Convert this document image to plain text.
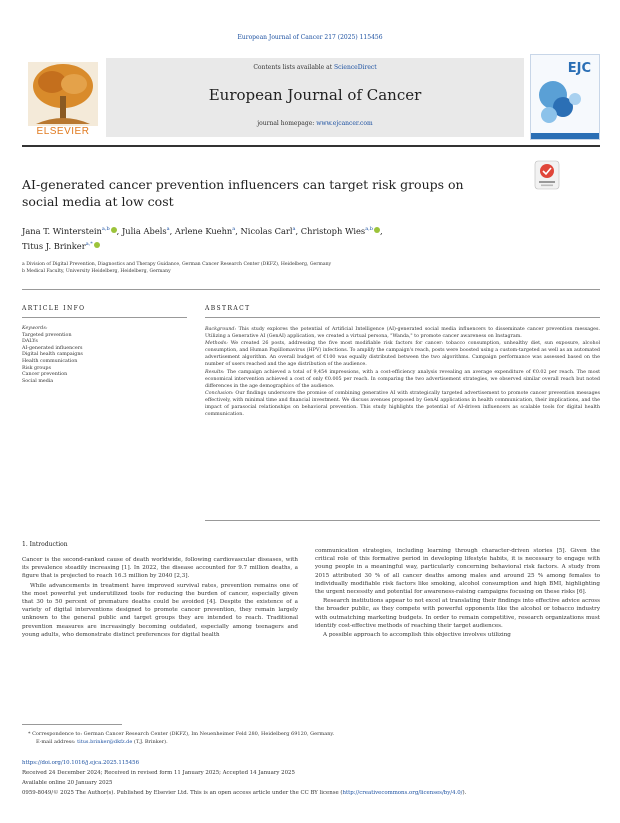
European Journal of Cancer 217 (2025) 115456
ELSEVIER
Contents lists available at ScienceDirect
European Journal of Cancer
journal homepage: www.ejcancer.com
EJC
AI-generated cancer prevention influencers can target risk groups on social media at low cost
Jana T. Winterstein$^{a,b}$ , Julia Abels$^a$, Arlene Kuehn$^a$, Nicolas Carl$^a$, Christoph Wies$^{a,b}$ ,
Titus J. Brinker$^{a,*}$
a Division of Digital Prevention, Diagnostics and Therapy Guidance, German Cancer Research Center (DKFZ), Heidelberg, Germany
b Medical Faculty, University Heidelberg, Heidelberg, Germany
ARTICLE INFO
Keywords:
Targeted prevention
DALYs
AI-generated influencers
Digital health campaigns
Health communication
Risk groups
Cancer prevention
Social media
ABSTRACT
Background: This study explores the potential of Artificial Intelligence (AI)-generated social media influencers to disseminate cancer prevention messages. Utilizing a Generative AI (GenAI) application, we created a virtual persona, "Wanda," to promote cancer awareness on Instagram.
Methods: We created 26 posts, addressing the five most modifiable risk factors for cancer: tobacco consumption, unhealthy diet, sun exposure, alcohol consumption, and Human Papillomavirus (HPV) infections. To amplify the campaign's reach, posts were boosted using a custom-targeted as well as an automated advertisement algorithm. An overall budget of €100 was equally distributed between the two algorithms. Campaign performance was assessed based on the number of users reached and the age distribution of the audience.
Results: The campaign achieved a total of 9,454 impressions, with a cost-efficiency analysis revealing an average expenditure of €0.02 per reach. The most economical intervention achieved a cost of only €0.005 per reach. In comparing the two advertisement strategies, we observed similar overall reach but noted differences in the age demographics of the audience.
Conclusion: Our findings underscore the promise of combining generative AI with strategically targeted advertisement to promote cancer prevention messages effectively, with minimal time and financial investment. We discuss avenues proposed by GenAI applications in health communication, their implications, and the impact of parasocial relationships on behavioral prevention. This study highlights the potential of AI-driven influencers as scalable tools for digital health communication.
1. Introduction

Cancer is the second-ranked cause of death worldwide, following cardiovascular diseases, with its prevalence steadily increasing [1]. In 2022, the disease accounted for 9.7 million deaths, a figure that is projected to reach 16.3 million by 2040 [2,3].

While advancements in treatment have improved survival rates, prevention remains one of the most powerful yet underutilized tools for reducing the burden of cancer, especially given that 30 to 50 percent of premature deaths could be avoided [4]. Despite the existence of a variety of digital interventions designed to promote cancer prevention, they remain largely unknown to the general public and target groups they are intended to reach. Traditional prevention measures are increasingly becoming outdated, especially among teenagers and young adults, who demonstrate distinct preferences for digital health

communication strategies, including learning through character-driven stories [5]. Given the critical role of this formative period in developing lifestyle habits, it is necessary to engage with young people in a meaningful way, particularly concerning behavioral risk factors. A study from 2015 attributed 30 % of all cancer deaths among males and around 25 % among females to individually modifiable risk factors like smoking, alcohol consumption and high BMI, highlighting the urgent necessity and potential for awareness-raising campaigns focusing on these risks [6].

Research institutions appear to not excel at translating their findings into effective advice across the broader public, as they compete with powerful opponents like the alcohol or tobacco industry with outmatching marketing budgets. In order to remain competitive, research organizations must identify cost-effective methods of reaching their target audiences.

A possible approach to accomplish this objective involves utilizing

* Correspondence to: German Cancer Research Center (DKFZ), Im Neuenheimer Feld 280, Heidelberg 69120, Germany.
E-mail address: titus.brinker@dkfz.de (T.J. Brinker).
https://doi.org/10.1016/j.ejca.2025.115456
Received 24 December 2024; Received in revised form 11 January 2025; Accepted 14 January 2025
Available online 20 January 2025
0959-8049/© 2025 The Author(s). Published by Elsevier Ltd. This is an open access article under the CC BY license (http://creativecommons.org/licenses/by/4.0/).
